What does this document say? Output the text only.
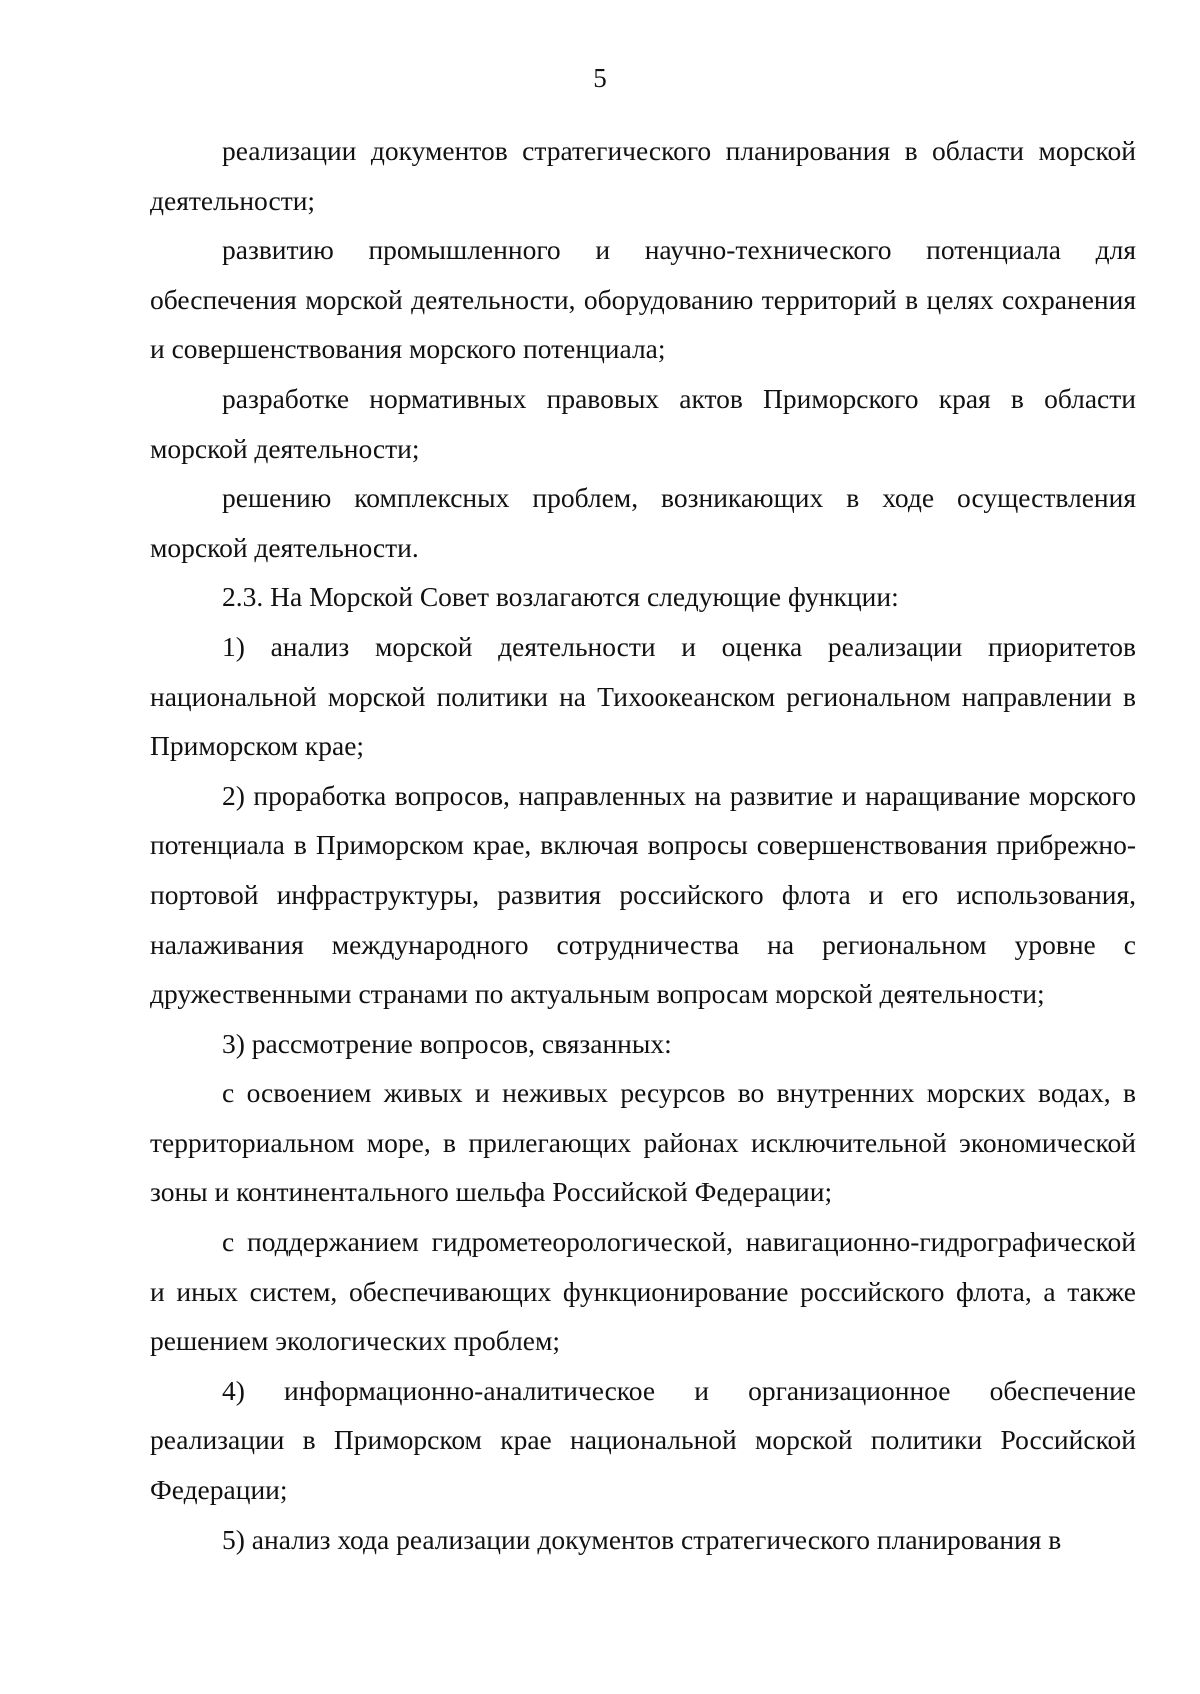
5

реализации документов стратегического планирования в области морской деятельности;

развитию промышленного и научно-технического потенциала для обеспечения морской деятельности, оборудованию территорий в целях сохранения и совершенствования морского потенциала;

разработке нормативных правовых актов Приморского края в области морской деятельности;

решению комплексных проблем, возникающих в ходе осуществления морской деятельности.

2.3. На Морской Совет возлагаются следующие функции:

1) анализ морской деятельности и оценка реализации приоритетов национальной морской политики на Тихоокеанском региональном направлении в Приморском крае;

2) проработка вопросов, направленных на развитие и наращивание морского потенциала в Приморском крае, включая вопросы совершенствования прибрежно-портовой инфраструктуры, развития российского флота и его использования, налаживания международного сотрудничества на региональном уровне с дружественными странами по актуальным вопросам морской деятельности;

3) рассмотрение вопросов, связанных:

с освоением живых и неживых ресурсов во внутренних морских водах, в территориальном море, в прилегающих районах исключительной экономической зоны и континентального шельфа Российской Федерации;

с поддержанием гидрометеорологической, навигационно-гидрографической и иных систем, обеспечивающих функционирование российского флота, а также решением экологических проблем;

4) информационно-аналитическое и организационное обеспечение реализации в Приморском крае национальной морской политики Российской Федерации;

5) анализ хода реализации документов стратегического планирования в
